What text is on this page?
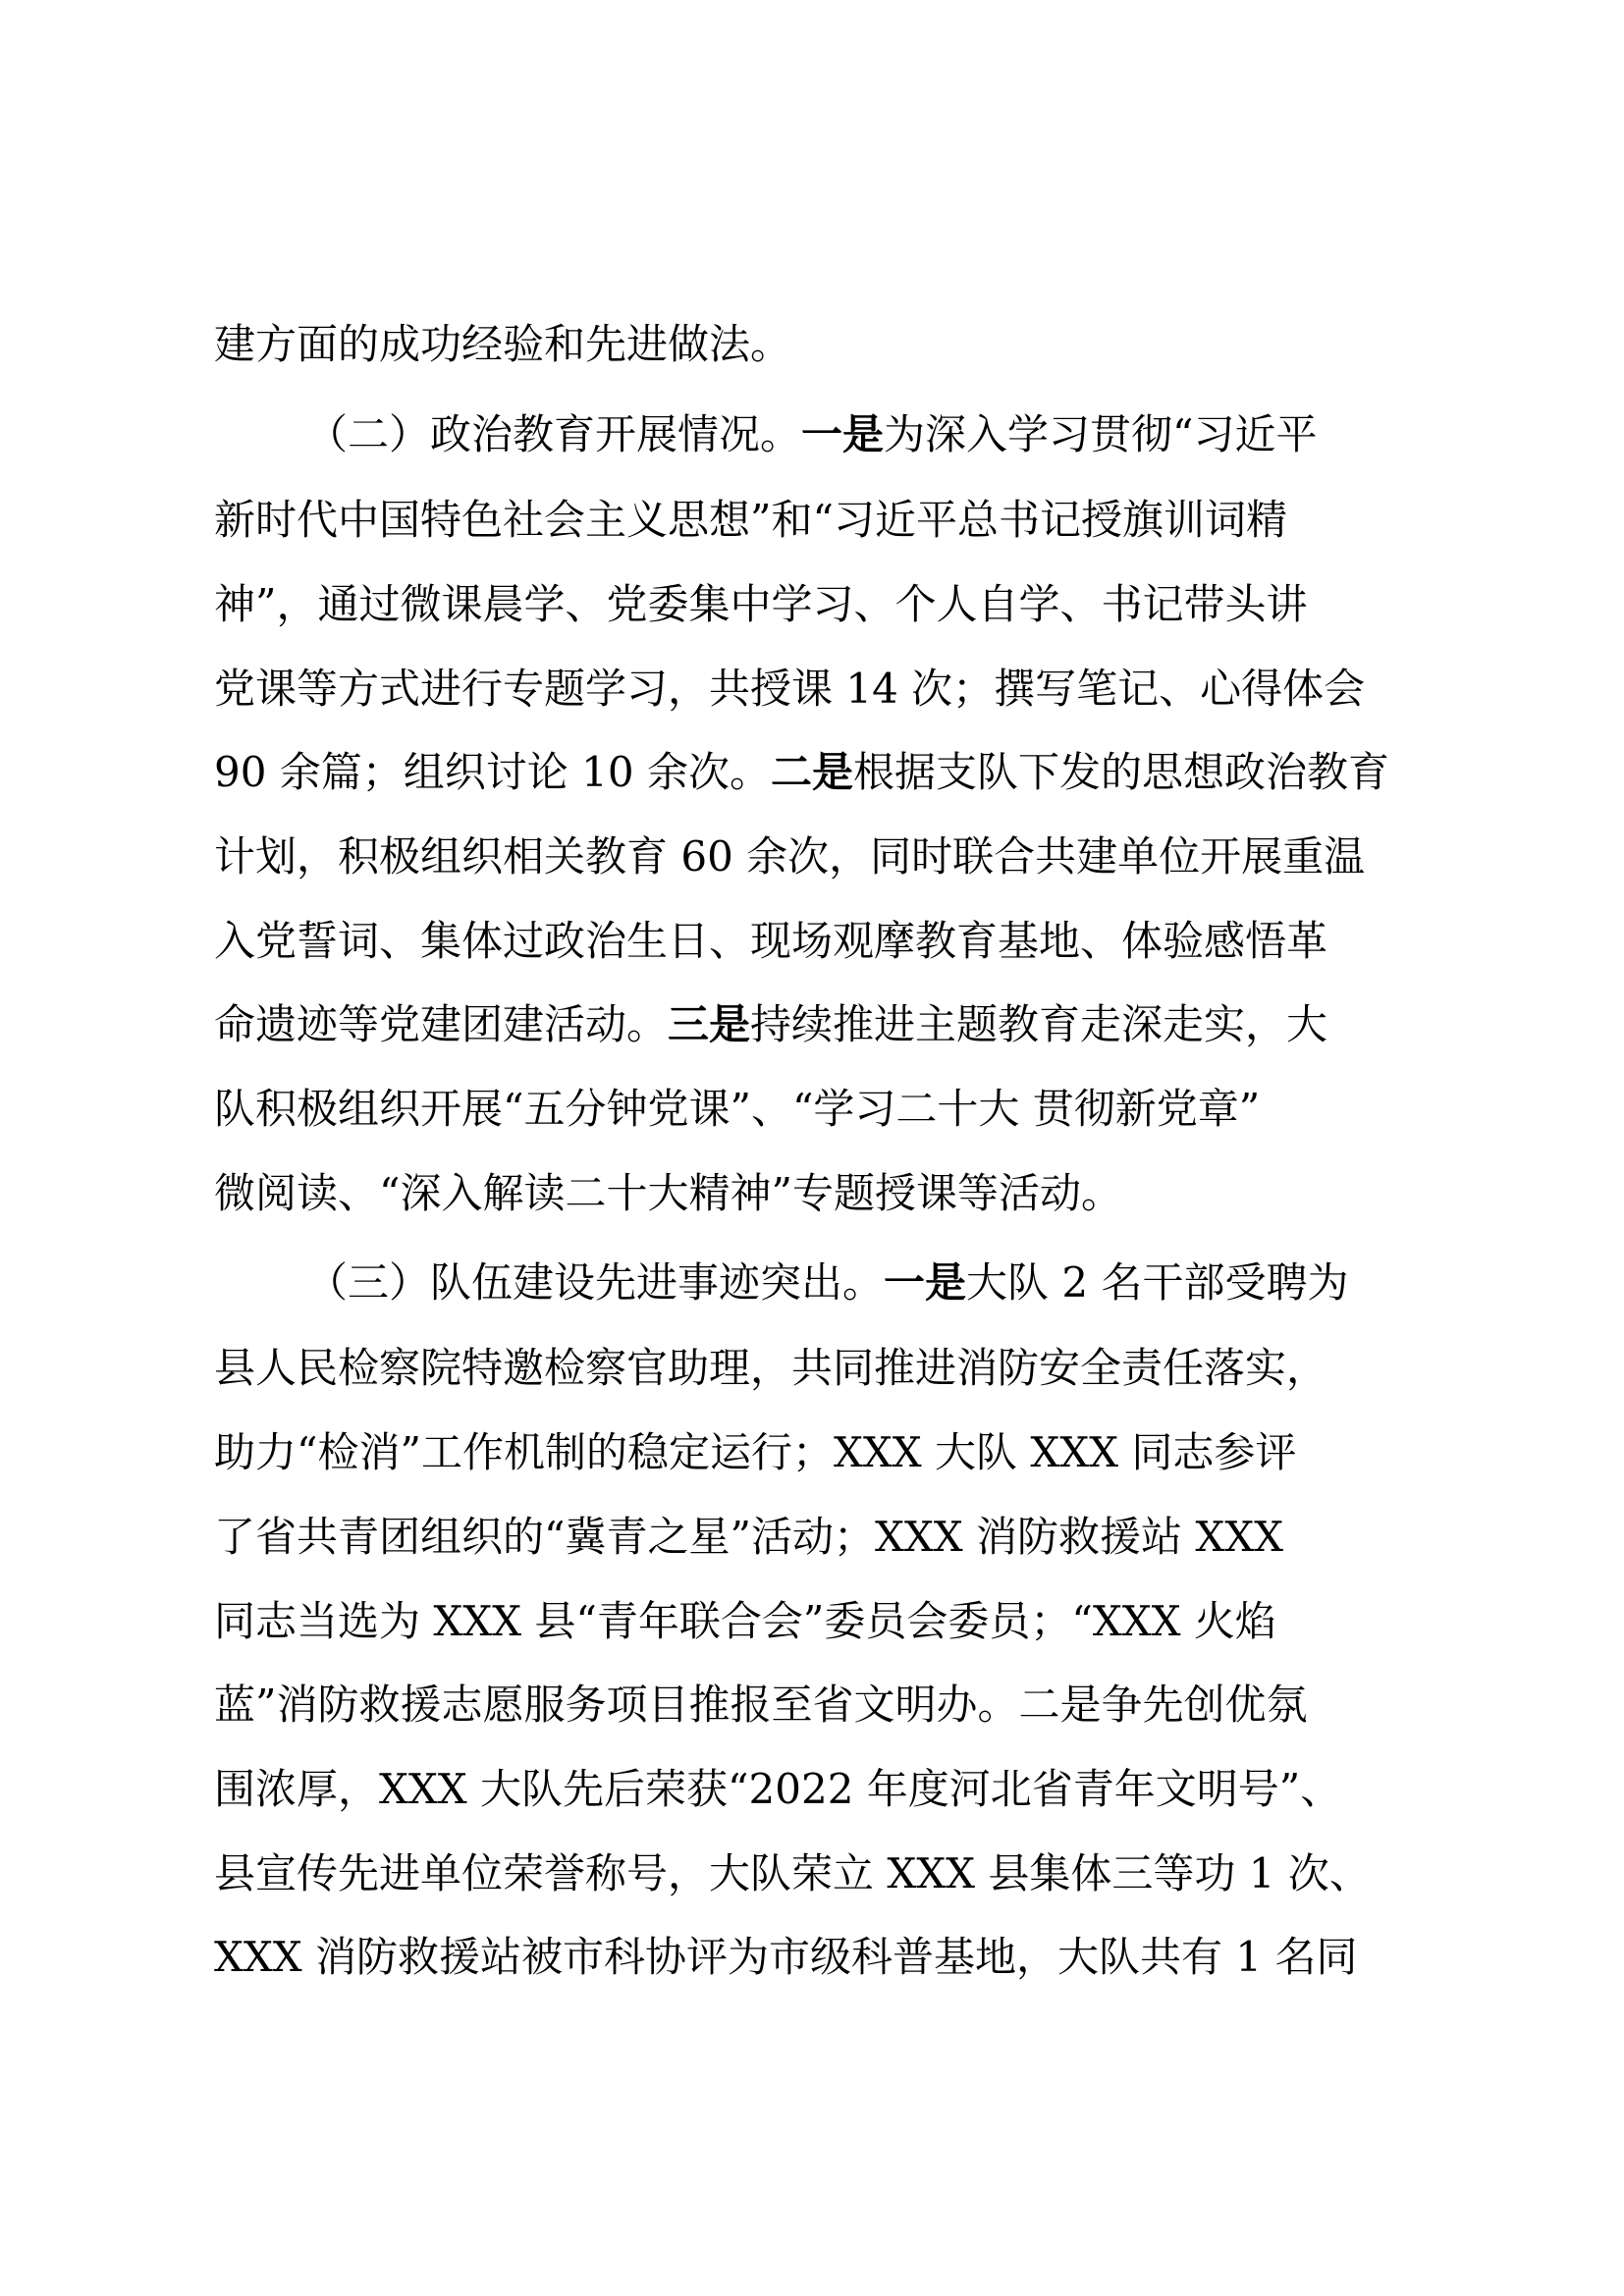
建方面的成功经验和先进做法。
（二）政治教育开展情况。一是为深入学习贯彻“习近平
新时代中国特色社会主义思想”和“习近平总书记授旗训词精
神”，通过微课晨学、党委集中学习、个人自学、书记带头讲
党课等方式进行专题学习，共授课 14 次；撰写笔记、心得体会
90 余篇；组织讨论 10 余次。二是根据支队下发的思想政治教育
计划，积极组织相关教育 60 余次，同时联合共建单位开展重温
入党誓词、集体过政治生日、现场观摩教育基地、体验感悟革
命遗迹等党建团建活动。三是持续推进主题教育走深走实，大
队积极组织开展“五分钟党课”、“学习二十大 贯彻新党章”
微阅读、“深入解读二十大精神”专题授课等活动。
（三）队伍建设先进事迹突出。一是大队 2 名干部受聘为
县人民检察院特邀检察官助理，共同推进消防安全责任落实，
助力“检消”工作机制的稳定运行；XXX 大队 XXX 同志参评
了省共青团组织的“冀青之星”活动；XXX 消防救援站 XXX
同志当选为 XXX 县“青年联合会”委员会委员；“XXX 火焰
蓝”消防救援志愿服务项目推报至省文明办。二是争先创优氛
围浓厚，XXX 大队先后荣获“2022 年度河北省青年文明号”、
县宣传先进单位荣誉称号，大队荣立 XXX 县集体三等功 1 次、
XXX 消防救援站被市科协评为市级科普基地，大队共有 1 名同
